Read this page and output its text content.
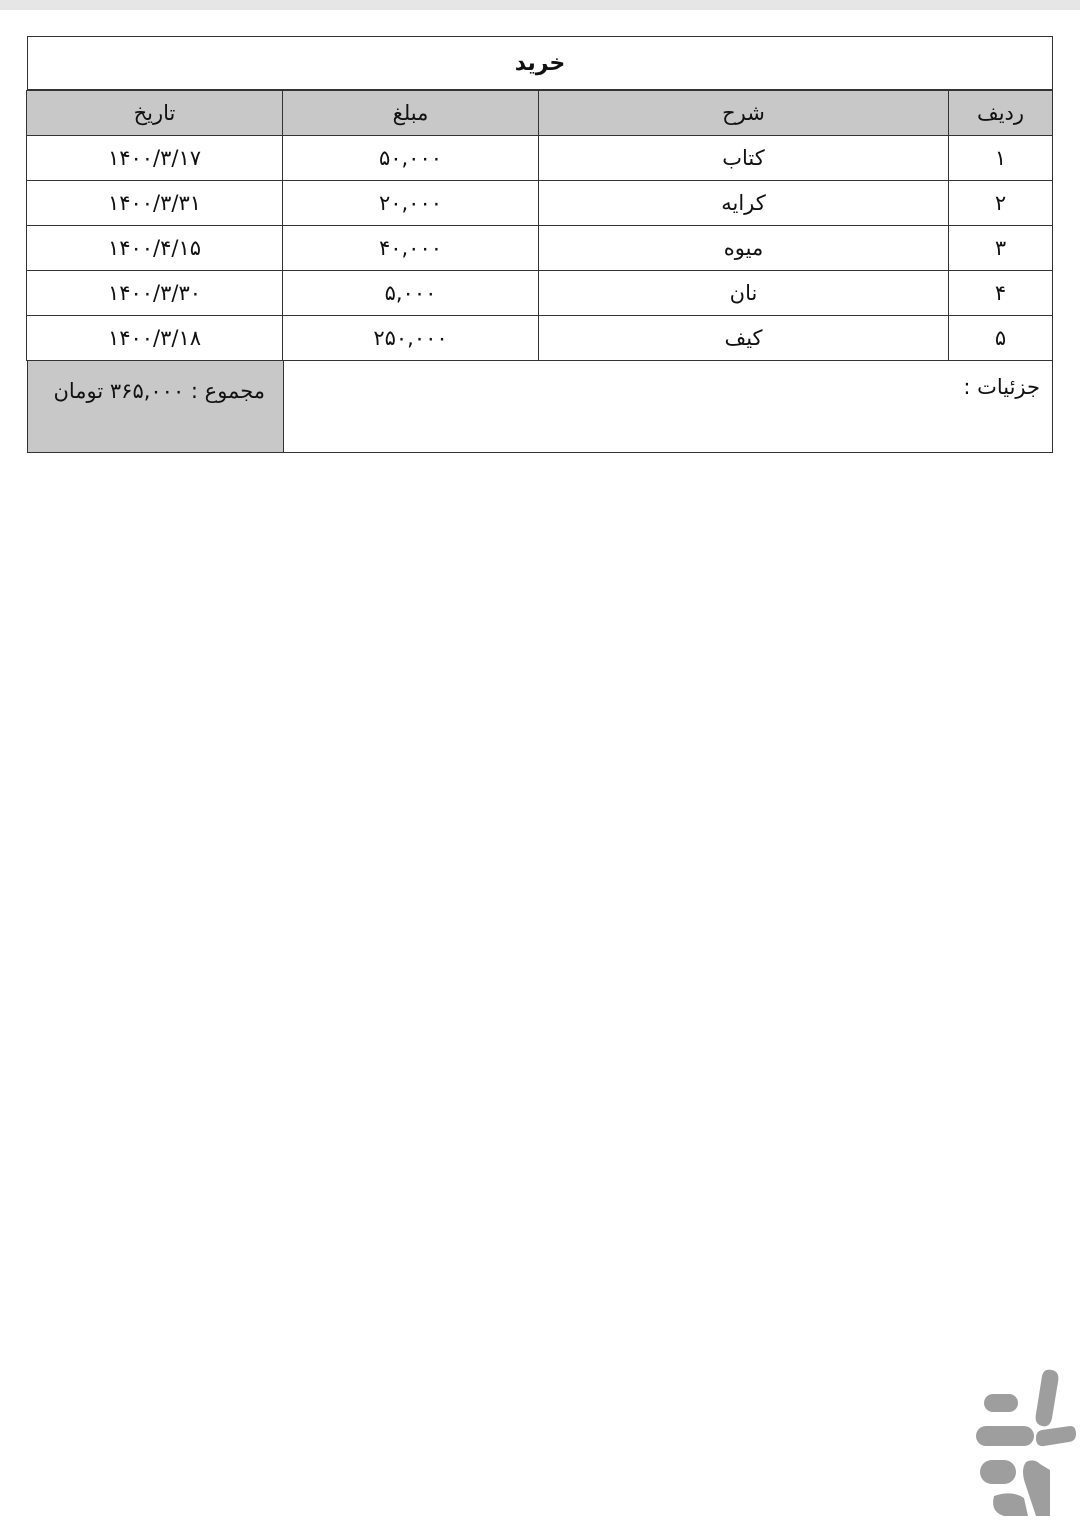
خرید
ردیف	شرح	مبلغ	تاریخ
۱	کتاب	۵۰,۰۰۰	۱۴۰۰/۳/۱۷
۲	کرایه	۲۰,۰۰۰	۱۴۰۰/۳/۳۱
۳	میوه	۴۰,۰۰۰	۱۴۰۰/۴/۱۵
۴	نان	۵,۰۰۰	۱۴۰۰/۳/۳۰
۵	کیف	۲۵۰,۰۰۰	۱۴۰۰/۳/۱۸
جزئیات :
مجموع : ۳۶۵,۰۰۰ تومان
